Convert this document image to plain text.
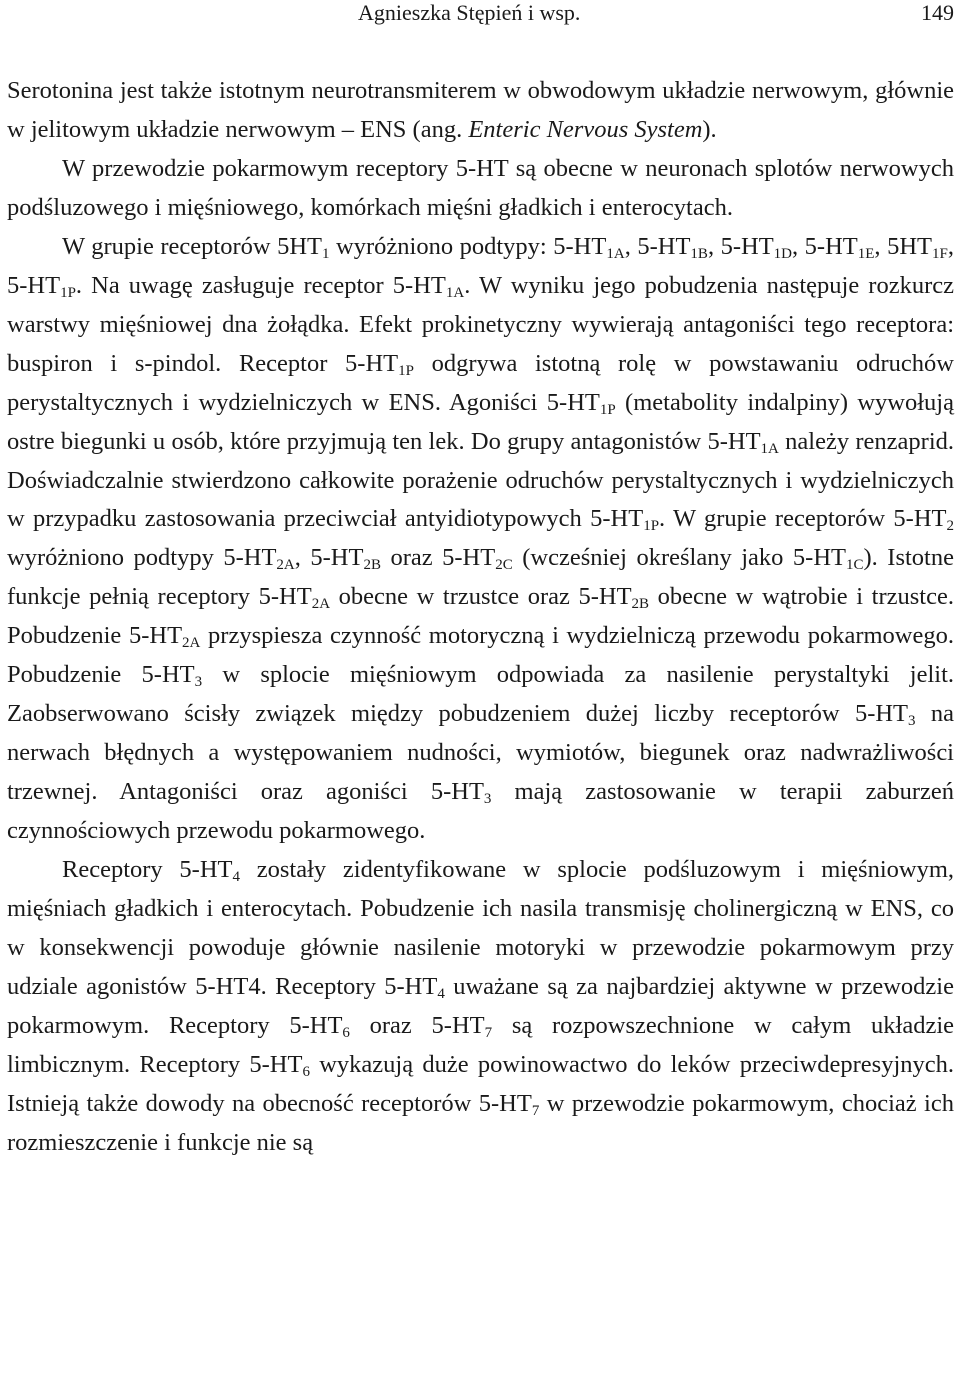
Agnieszka Stępień i wsp.	149

Serotonina jest także istotnym neurotransmiterem w obwodowym układzie nerwowym, głównie w jelitowym układzie nerwowym – ENS (ang. Enteric Nervous System).

W przewodzie pokarmowym receptory 5-HT są obecne w neuronach splotów nerwowych podśluzowego i mięśniowego, komórkach mięśni gładkich i enterocytach.

W grupie receptorów $5HT_1$ wyróżniono podtypy: $5-HT_{1A}$, $5-HT_{1B}$, $5-HT_{1D}$, $5-HT_{1E}$, $5HT_{1F}$, $5-HT_{1P}$. Na uwagę zasługuje receptor $5-HT_{1A}$. W wyniku jego pobudzenia następuje rozkurcz warstwy mięśniowej dna żołądka. Efekt prokinetyczny wywierają antagoniści tego receptora: buspiron i s-pindol. Receptor $5-HT_{1P}$ odgrywa istotną rolę w powstawaniu odruchów perystaltycznych i wydzielniczych w ENS. Agoniści $5-HT_{1P}$ (metabolity indalpiny) wywołują ostre biegunki u osób, które przyjmują ten lek. Do grupy antagonistów $5-HT_{1A}$ należy renzaprid. Doświadczalnie stwierdzono całkowite porażenie odruchów perystaltycznych i wydzielniczych w przypadku zastosowania przeciwciał antyidiotypowych $5-HT_{1P}$. W grupie receptorów $5-HT_2$ wyróżniono podtypy $5-HT_{2A}$, $5-HT_{2B}$ oraz $5-HT_{2C}$ (wcześniej określany jako $5-HT_{1C}$). Istotne funkcje pełnią receptory $5-HT_{2A}$ obecne w trzustce oraz $5-HT_{2B}$ obecne w wątrobie i trzustce. Pobudzenie $5-HT_{2A}$ przyspiesza czynność motoryczną i wydzielniczą przewodu pokarmowego. Pobudzenie $5-HT_3$ w splocie mięśniowym odpowiada za nasilenie perystaltyki jelit. Zaobserwowano ścisły związek między pobudzeniem dużej liczby receptorów $5-HT_3$ na nerwach błędnych a występowaniem nudności, wymiotów, biegunek oraz nadwrażliwości trzewnej. Antagoniści oraz agoniści $5-HT_3$ mają zastosowanie w terapii zaburzeń czynnościowych przewodu pokarmowego.

Receptory $5-HT_4$ zostały zidentyfikowane w splocie podśluzowym i mięśniowym, mięśniach gładkich i enterocytach. Pobudzenie ich nasila transmisję cholinergiczną w ENS, co w konsekwencji powoduje głównie nasilenie motoryki w przewodzie pokarmowym przy udziale agonistów 5-HT4. Receptory $5-HT_4$ uważane są za najbardziej aktywne w przewodzie pokarmowym. Receptory $5-HT_6$ oraz $5-HT_7$ są rozpowszechnione w całym układzie limbicznym. Receptory $5-HT_6$ wykazują duże powinowactwo do leków przeciwdepresyjnych. Istnieją także dowody na obecność receptorów $5-HT_7$ w przewodzie pokarmowym, chociaż ich rozmieszczenie i funkcje nie są
